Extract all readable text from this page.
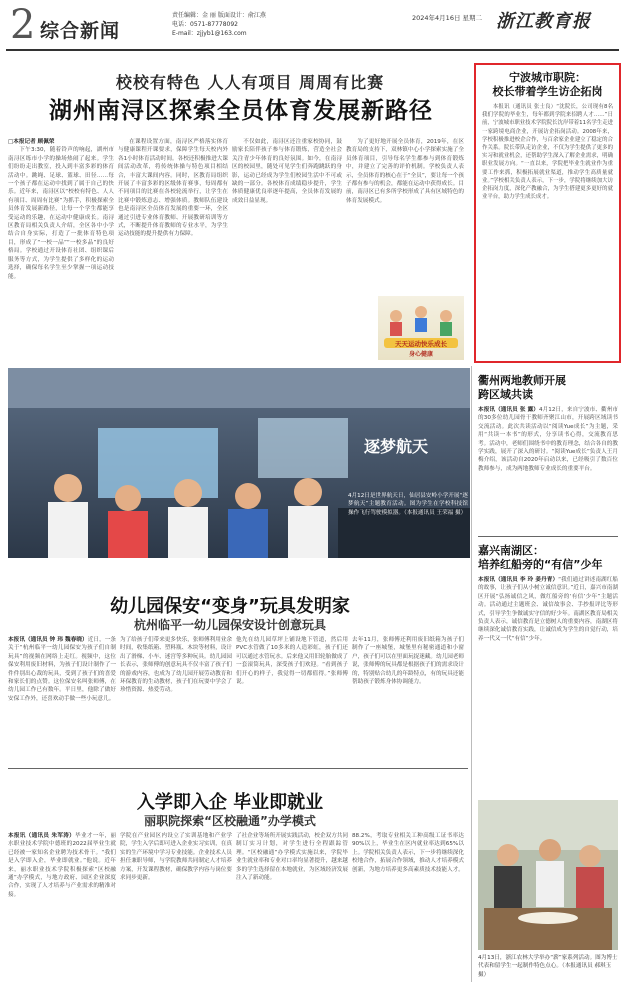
2 综合新闻
责任编辑：金 丽 版面设计：俞江燕
电话：0571-87778092
E-mail：zjjyb1@163.com
2024年4月16日 星期二 浙江教育报
校校有特色 人人有项目 周周有比赛
湖州南浔区探索全员体育发展新路径
□本报记者 顾佩荣
下午3:30，随着铃声的响起，湖州市南浔区练市小学的操场热闹了起来。学生们纷纷走出教室，投入到丰富多彩的体育活动中。跳绳、足球、篮球、田径……每一个孩子都在运动中找到了属于自己的快乐。近年来，南浔区以“校校有特色、人人有项目、周周有比赛”为抓手，积极探索全员体育发展新路径，让每一个学生都能享受运动的乐趣，在运动中健康成长。南浔区教育局相关负责人介绍，全区各中小学结合自身实际，打造了一批体育特色项目，形成了“一校一品”“一校多品”的良好格局。学校通过开设体育社团、组织课后服务等方式，为学生提供了多样化的运动选择，确保每名学生至少掌握一项运动技能。
在课程设置方面，南浔区严格落实体育与健康课程开课要求，保障学生每天校内外各1小时体育活动时间。各校还积极推进大课间活动改革，将传统体操与特色项目相结合，丰富大课间内容。同时，区教育局组织开展了丰富多彩的区级体育赛事，每周都有不同项目的比赛在各校轮流举行，让学生在比赛中锻炼意志、增强体质。教师队伍建设也是南浔区全员体育发展的重要一环，全区通过引进专业体育教师、开展教研培训等方式，不断提升体育教师的专业水平，为学生运动技能的提升提供有力保障。
不仅如此，南浔区还注重家校协同，鼓励家长陪伴孩子参与体育锻炼，营造全社会关注青少年体育的良好氛围。如今，在南浔区的校园里，随处可见学生们奔跑跳跃的身影，运动已经成为学生们校园生活中不可或缺的一部分。各校体育成绩稳步提升，学生体质健康优良率逐年提高，全员体育发展的成效日益显现。
为了更好地开展全员体育，2019年，在区教育局的支持下，双林镇中心小学探索实施了全员体育项目，引导每名学生都参与到体育锻炼中，并建立了完善的评价机制。学校负责人表示，全员体育的核心在于“全员”，要让每一个孩子都有参与的机会，都能在运动中获得成长。目前，南浔区已有多所学校形成了具有区域特色的体育发展模式。
天天运动快乐成长
身心健康
宁波城市职院：
校长带着学生访企拓岗
本报讯（通讯员 张士良）“沈院长，公司现有8名我们学院的毕业生，每年都到学院来招聘人才……”日前，宁波城市职业技术学院院长沈岸带着11名学生走进一家跨境电商企业，开展访企拓岗活动。2008年来，学校积极推进校企合作，与百余家企业建立了稳定的合作关系。院长带队走访企业，不仅为学生提供了更多的实习和就业机会，还帮助学生深入了解企业需求，明确职业发展方向。“一直以来，学院把毕业生就业作为重要工作来抓，积极拓展就业渠道，推动学生高质量就业。”学校相关负责人表示，下一步，学院将继续加大访企拓岗力度，深化产教融合，为学生搭建更多更好的就业平台，助力学生成长成才。
逐梦航天
4月12日是世界航天日，仙居县安岭小学开展“逐梦航天”主题教育活动。图为学生在学校科技馆操作飞行驾驶模拟器。（本报通讯员 王荣福 摄）
幼儿园保安“变身”玩具发明家
杭州临平一幼儿园保安设计创意玩具
本报讯（通讯员 钟 玮 魏春晓）近日，一条关于“杭州临平一幼儿园保安为孩子们自制玩具”的视频在网络上走红。视频中，这位保安利用废旧材料，为孩子们设计制作了一件件别出心裁的玩具，受到了孩子们的喜爱和家长们的点赞。这位保安名叫张师傅，在幼儿园工作已有数年。平日里，他除了做好安保工作外，还喜欢动手做一些小玩意儿。
为了给孩子们带来更多快乐，张师傅利用业余时间，收集纸箱、塑料瓶、木块等材料，设计出了滑梯、小车、迷宫等多种玩具。幼儿园园长表示，张师傅的创意玩具不仅丰富了孩子们的游戏内容，也成为了幼儿园开展劳动教育和环保教育的生动教材，孩子们在玩耍中学会了珍惜资源、热爱劳动。
他先在幼儿园草坪上铺设地下管道，然后用PVC水管做了10多米的人造彩虹，孩子们还可以通过水管玩水。后来他又用旧轮胎做成了一套滚筒玩具，深受孩子们欢迎。“看到孩子们开心的样子，我觉得一切都值得。”张师傅说。
去年11月，张师傅还利用废旧纸箱为孩子们制作了一座城堡，城堡里有秘密通道和小窗户，孩子们可以在里面玩捉迷藏。幼儿园老师说，张师傅的玩具都是根据孩子们的需求设计的，特别贴合幼儿的年龄特点，有的玩具还能帮助孩子锻炼身体协调能力。
入学即入企 毕业即就业
丽职院探索“区校融通”办学模式
本报讯（通讯员 朱军涛）毕业才一年，丽水职业技术学院中德班的2022届毕业生就已经被一家知名企业聘为技术骨干。“我们是入学即入企，毕业即就业。”他说。近年来，丽水职业技术学院积极探索“区校融通”办学模式，与地方政府、园区企业深度合作，实现了人才培养与产业需求的精准对接。
学院在产业园区内设立了实训基地和产业学院，学生入学后即可进入企业实习实训，在真实的生产环境中学习专业技能。企业技术人员担任兼职导师，与学院教师共同制定人才培养方案，开发课程教材，确保教学内容与岗位要求同步更新。
了社企业等场所开展实践活动，校企双方共同制订实习计划，对学生进行全程跟踪管理。“区校融通”办学模式实施以来，学院毕业生就业率和专业对口率均显著提升，越来越多的学生选择留在本地就业，为区域经济发展注入了新动能。
88.2%，考取专业相关工种高级工证书率达90%以上，毕业生在区内就业率达到65%以上。学院相关负责人表示，下一步将继续深化校地合作，拓展合作领域，推动人才培养模式创新，为地方培养更多高素质技术技能人才。
衢州两地教师开展
跨区域共读
本报讯（通讯员 张 露）4月12日，来自宁波市、衢州市的30多位幼儿园骨干教师齐聚江山市，开展跨区域读书交流活动。此次共读活动以“阅读Yue成长”为主题，采用“共读一本书”的形式，分享读书心得，交流教育思考。活动中，老师们围绕书中的教育理念，结合各自的教学实践，展开了深入的研讨。“阅读Yue成长”负责人王月梅介绍，该活动自2020年启动以来，已经吸引了数百位教师参与，成为两地教师专业成长的重要平台。
嘉兴南湖区：
培养红船旁的“有信”少年
本报讯（通讯员 李 玲 姜丹青）“我们通过讲述南湖红船的故事，让孩子们从小树立诚信意识。”近日，嘉兴市南湖区开展“弘扬诚信之风，做红船旁的‘有信’少年”主题活动。活动通过主题班会、诚信故事会、手抄报评比等形式，引导学生争做诚实守信的好少年。南湖区教育局相关负责人表示，诚信教育是立德树人的重要内容，南湖区将继续深化诚信教育实践，让诚信成为学生的自觉行动，培养一代又一代“有信”少年。
4月13日，浙江农林大学举办“薪”家系列活动。图为博士代表和留学生一起制作特色点心。（本报通讯员 郝琪玉 摄）
